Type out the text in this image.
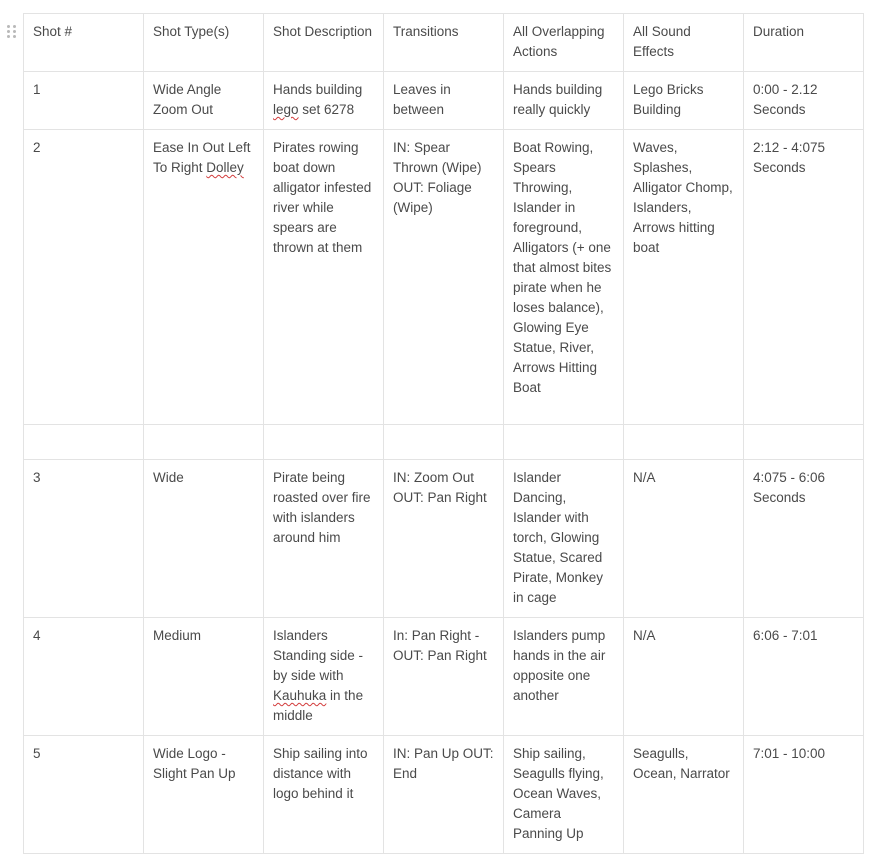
Shot #	Shot Type(s)	Shot Description	Transitions	All Overlapping Actions	All Sound Effects	Duration
1	Wide Angle Zoom Out	Hands building lego set 6278	Leaves in between	Hands building really quickly	Lego Bricks Building	0:00 - 2.12 Seconds
2	Ease In Out Left To Right Dolley	Pirates rowing boat down alligator infested river while spears are thrown at them	IN: Spear Thrown (Wipe) OUT: Foliage (Wipe)	Boat Rowing, Spears Throwing, Islander in foreground, Alligators (+ one that almost bites pirate when he loses balance), Glowing Eye Statue, River, Arrows Hitting Boat	Waves, Splashes, Alligator Chomp, Islanders, Arrows hitting boat	2:12 - 4:075 Seconds

3	Wide	Pirate being roasted over fire with islanders around him	IN: Zoom Out OUT: Pan Right	Islander Dancing, Islander with torch, Glowing Statue, Scared Pirate, Monkey in cage	N/A	4:075 - 6:06 Seconds
4	Medium	Islanders Standing side - by side with Kauhuka in the middle	In: Pan Right - OUT: Pan Right	Islanders pump hands in the air opposite one another	N/A	6:06 - 7:01
5	Wide Logo - Slight Pan Up	Ship sailing into distance with logo behind it	IN: Pan Up OUT: End	Ship sailing, Seagulls flying, Ocean Waves, Camera Panning Up	Seagulls, Ocean, Narrator	7:01 - 10:00
